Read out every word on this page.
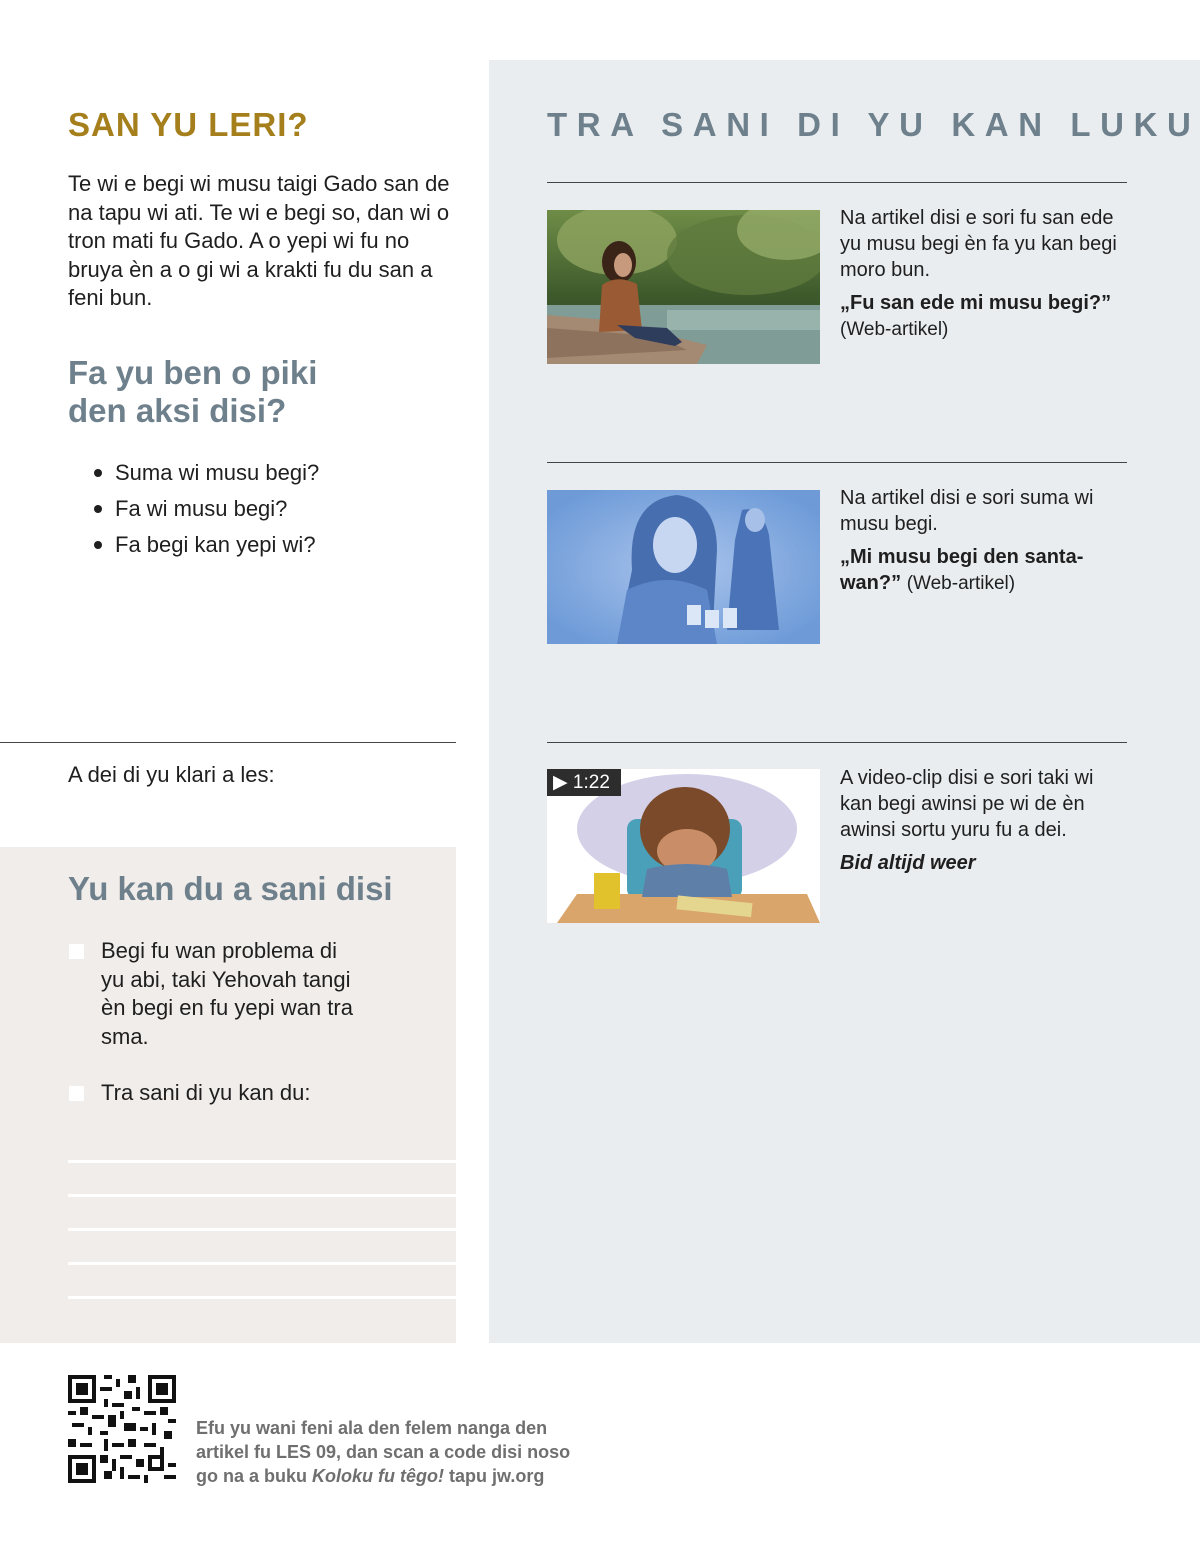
SAN YU LERI?
Te wi e begi wi musu taigi Gado san de na tapu wi ati. Te wi e begi so, dan wi o tron mati fu Gado. A o yepi wi fu no bruya èn a o gi wi a krakti fu du san a feni bun.
Fa yu ben o piki
den aksi disi?
Suma wi musu begi?
Fa wi musu begi?
Fa begi kan yepi wi?
A dei di yu klari a les:
Yu kan du a sani disi
Begi fu wan problema di yu abi, taki Yehovah tangi èn begi en fu yepi wan tra sma.
Tra sani di yu kan du:
TRA SANI DI YU KAN LUKU

Na artikel disi e sori fu san ede yu musu begi èn fa yu kan begi moro bun.

„Fu san ede mi musu begi?”
(Web-artikel)

Na artikel disi e sori suma wi musu begi.

„Mi musu begi den santa-wan?” (Web-artikel)

▶ 1:22	A video-clip disi e sori taki wi kan begi awinsi pe wi de èn awinsi sortu yuru fu a dei.

Bid altijd weer

Efu yu wani feni ala den felem nanga den artikel fu LES 09, dan scan a code disi noso go na a buku Koloku fu têgo! tapu jw.org
